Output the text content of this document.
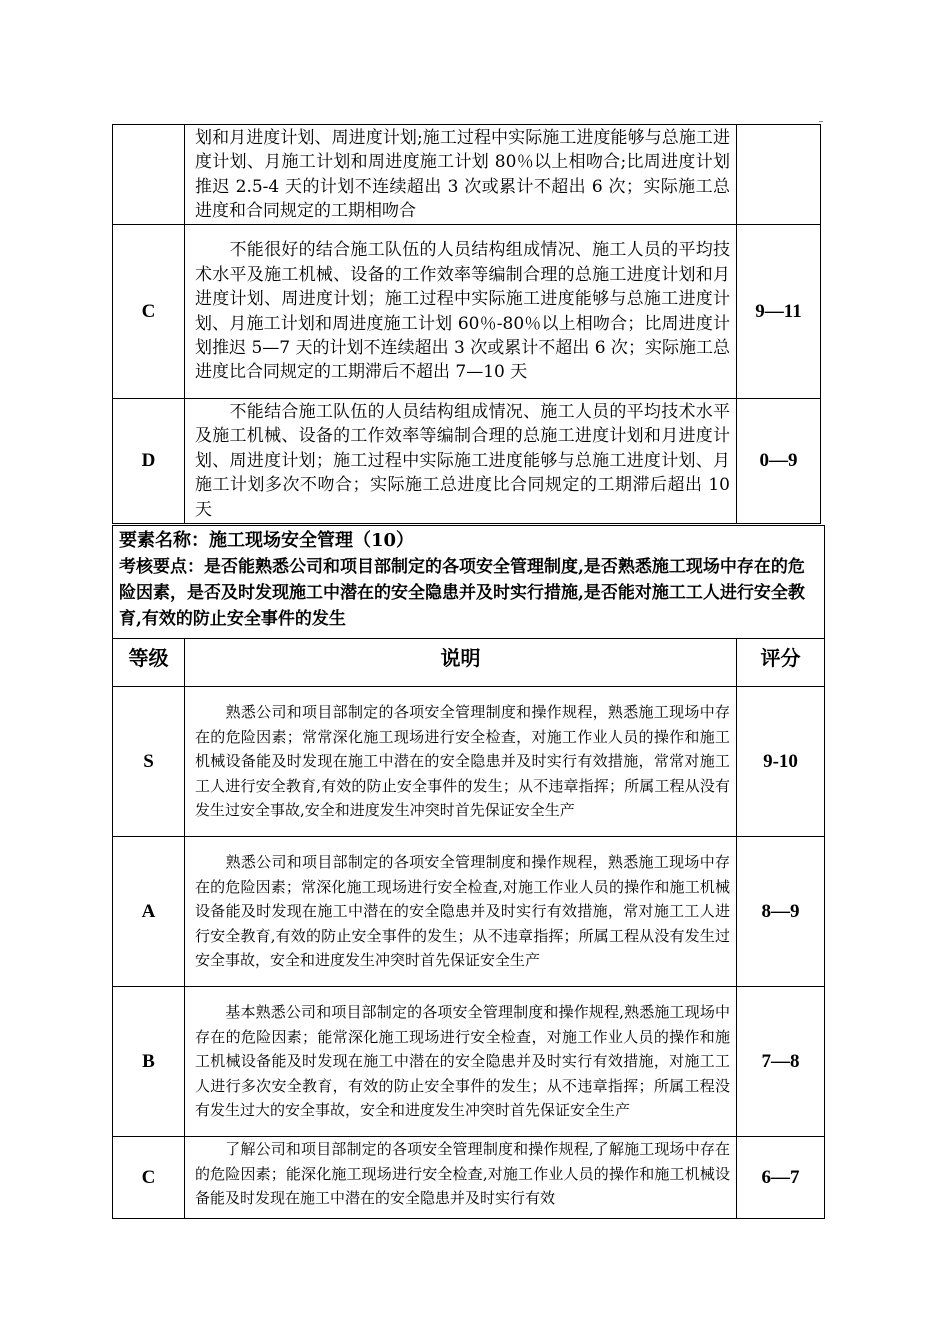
	划和月进度计划、周进度计划;施工过程中实际施工进度能够与总施工进度计划、月施工计划和周进度施工计划 80％以上相吻合;比周进度计划推迟 2.5-4 天的计划不连续超出 3 次或累计不超出 6 次；实际施工总进度和合同规定的工期相吻合	
C	　　不能很好的结合施工队伍的人员结构组成情况、施工人员的平均技术水平及施工机械、设备的工作效率等编制合理的总施工进度计划和月进度计划、周进度计划；施工过程中实际施工进度能够与总施工进度计划、月施工计划和周进度施工计划 60％-80％以上相吻合；比周进度计划推迟 5—7 天的计划不连续超出 3 次或累计不超出 6 次；实际施工总进度比合同规定的工期滞后不超出 7—10 天	9—11
D	　　不能结合施工队伍的人员结构组成情况、施工人员的平均技术水平及施工机械、设备的工作效率等编制合理的总施工进度计划和月进度计划、周进度计划；施工过程中实际施工进度能够与总施工进度计划、月施工计划多次不吻合；实际施工总进度比合同规定的工期滞后超出 10 天	0—9
要素名称：施工现场安全管理（10）
考核要点：是否能熟悉公司和项目部制定的各项安全管理制度,是否熟悉施工现场中存在的危险因素，是否及时发现施工中潜在的安全隐患并及时实行措施,是否能对施工工人进行安全教育,有效的防止安全事件的发生		

等级	说明	评分
S	　　熟悉公司和项目部制定的各项安全管理制度和操作规程，熟悉施工现场中存在的危险因素；常常深化施工现场进行安全检查，对施工作业人员的操作和施工机械设备能及时发现在施工中潜在的安全隐患并及时实行有效措施，常常对施工工人进行安全教育,有效的防止安全事件的发生；从不违章指挥；所属工程从没有发生过安全事故,安全和进度发生冲突时首先保证安全生产	9-10
A	　　熟悉公司和项目部制定的各项安全管理制度和操作规程，熟悉施工现场中存在的危险因素；常深化施工现场进行安全检查,对施工作业人员的操作和施工机械设备能及时发现在施工中潜在的安全隐患并及时实行有效措施，常对施工工人进行安全教育,有效的防止安全事件的发生；从不违章指挥；所属工程从没有发生过安全事故，安全和进度发生冲突时首先保证安全生产	8—9
B	　　基本熟悉公司和项目部制定的各项安全管理制度和操作规程,熟悉施工现场中存在的危险因素；能常深化施工现场进行安全检查，对施工作业人员的操作和施工机械设备能及时发现在施工中潜在的安全隐患并及时实行有效措施，对施工工人进行多次安全教育，有效的防止安全事件的发生；从不违章指挥；所属工程没有发生过大的安全事故，安全和进度发生冲突时首先保证安全生产	7—8
C	　　了解公司和项目部制定的各项安全管理制度和操作规程,了解施工现场中存在的危险因素；能深化施工现场进行安全检查,对施工作业人员的操作和施工机械设备能及时发现在施工中潜在的安全隐患并及时实行有效	6—7
